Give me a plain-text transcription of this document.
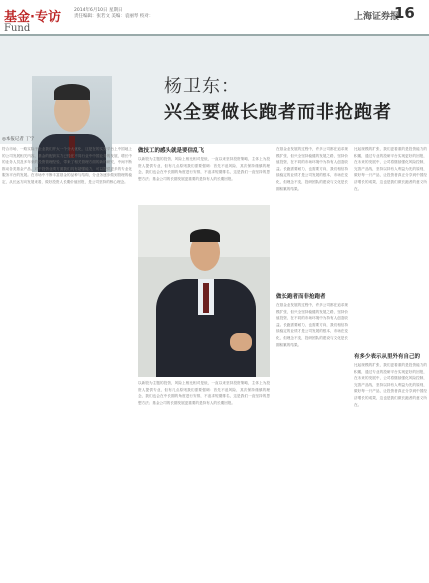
基金·专访
Fund
2014年6月10日 星期日
责任编辑：张若文 美编：袁丽琴 校对：	上海证券报
16
◎本报记者 丁宁
杨卫东：
兴全要做长跑者而非抢跑者

符合市场、一路实际于企业我们并大一个分大优化，这是在的实效平台上中国地上的公司发展相关内容，基金的配套实力已经在不同行业中中国业务的发展，增长中的业务人员及多年来的投资管理经验，带来了相关管理方面的新的研究，中间不断推动各类基金产品。对于投资业绩方面我们具有超强能力，可以提供更多的专业化服务平台的发展。在市场中不断丰富基金的品种与结构，分业务逐步做到管理的稳定，从长远方向发展来看，做好投资人长期价值回报，是公司坚持的核心理念。

做技工的感头就是要信乱飞

以新股为主题的投资，风险上相比相对是低，一直以来坚持投资策略，主体上为投资人提供专业，但有几点原则我们需要强调：首先不追风险，其次保持谨慎的理念，我们也会在中长期的角度进行安排，不追求短期排名，这是我们一直坚持的思想方法；基金公司的长期发展更重要的是持有人的长期回报。

以新股为主题的投资，风险上相比相对是低，一直以来坚持投资策略，主体上为投资人提供专业，但有几点原则我们需要强调：首先不追风险，其次保持谨慎的理念，我们也会在中长期的角度进行安排，不追求短期排名，这是我们一直坚持的思想方法；基金公司的长期发展更重要的是持有人的长期回报。

在基金业发展的过程中，许多公司都在追求规模扩张，但兴全坚持稳健的发展之路，坚持价值投资，在不同的市场环境中为持有人创造收益。长跑需要耐力，也需要方向，我们相信持续稳定的业绩才是公司发展的根本，市场在变化，但理念不变，投研团队的建设与文化是长期积累的结果。

做长跑者而非抢跑者

在基金业发展的过程中，许多公司都在追求规模扩张，但兴全坚持稳健的发展之路，坚持价值投资，在不同的市场环境中为持有人创造收益。长跑需要耐力，也需要方向，我们相信持续稳定的业绩才是公司发展的根本，市场在变化，但理念不变，投研团队的建设与文化是长期积累的结果。

比起规模的扩张，我们更看重的是投资能力的积累，通过专业的投研平台实现更好的回报，在未来的发展中，公司将继续强化风险控制，完善产品线，坚持以持有人利益为先的原则，做好每一只产品，让投资者真正分享到中国经济增长的成果，这也是我们做长跑者的意义所在。

有多少表示从里外有自己的

比起规模的扩张，我们更看重的是投资能力的积累，通过专业的投研平台实现更好的回报，在未来的发展中，公司将继续强化风险控制，完善产品线，坚持以持有人利益为先的原则，做好每一只产品，让投资者真正分享到中国经济增长的成果，这也是我们做长跑者的意义所在。
